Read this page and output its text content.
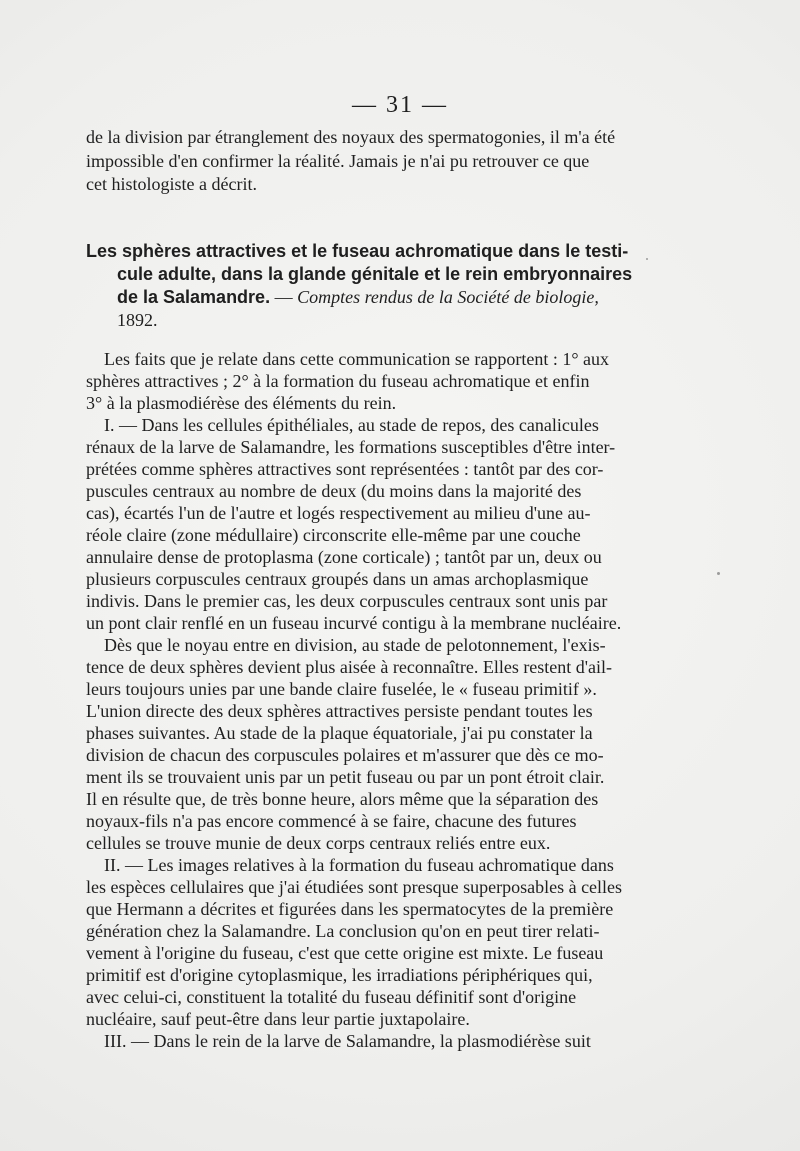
— 31 —
de la division par étranglement des noyaux des spermatogonies, il m'a été
impossible d'en confirmer la réalité. Jamais je n'ai pu retrouver ce que
cet histologiste a décrit.
Les sphères attractives et le fuseau achromatique dans le testi-
cule adulte, dans la glande génitale et le rein embryonnaires
de la Salamandre. — Comptes rendus de la Société de biologie,
1892.
Les faits que je relate dans cette communication se rapportent : 1° aux
sphères attractives ; 2° à la formation du fuseau achromatique et enfin
3° à la plasmodiérèse des éléments du rein.
I. — Dans les cellules épithéliales, au stade de repos, des canalicules
rénaux de la larve de Salamandre, les formations susceptibles d'être inter-
prétées comme sphères attractives sont représentées : tantôt par des cor-
puscules centraux au nombre de deux (du moins dans la majorité des
cas), écartés l'un de l'autre et logés respectivement au milieu d'une au-
réole claire (zone médullaire) circonscrite elle-même par une couche
annulaire dense de protoplasma (zone corticale) ; tantôt par un, deux ou
plusieurs corpuscules centraux groupés dans un amas archoplasmique
indivis. Dans le premier cas, les deux corpuscules centraux sont unis par
un pont clair renflé en un fuseau incurvé contigu à la membrane nucléaire.
Dès que le noyau entre en division, au stade de pelotonnement, l'exis-
tence de deux sphères devient plus aisée à reconnaître. Elles restent d'ail-
leurs toujours unies par une bande claire fuselée, le « fuseau primitif ».
L'union directe des deux sphères attractives persiste pendant toutes les
phases suivantes. Au stade de la plaque équatoriale, j'ai pu constater la
division de chacun des corpuscules polaires et m'assurer que dès ce mo-
ment ils se trouvaient unis par un petit fuseau ou par un pont étroit clair.
Il en résulte que, de très bonne heure, alors même que la séparation des
noyaux-fils n'a pas encore commencé à se faire, chacune des futures
cellules se trouve munie de deux corps centraux reliés entre eux.
II. — Les images relatives à la formation du fuseau achromatique dans
les espèces cellulaires que j'ai étudiées sont presque superposables à celles
que Hermann a décrites et figurées dans les spermatocytes de la première
génération chez la Salamandre. La conclusion qu'on en peut tirer relati-
vement à l'origine du fuseau, c'est que cette origine est mixte. Le fuseau
primitif est d'origine cytoplasmique, les irradiations périphériques qui,
avec celui-ci, constituent la totalité du fuseau définitif sont d'origine
nucléaire, sauf peut-être dans leur partie juxtapolaire.
III. — Dans le rein de la larve de Salamandre, la plasmodiérèse suit
